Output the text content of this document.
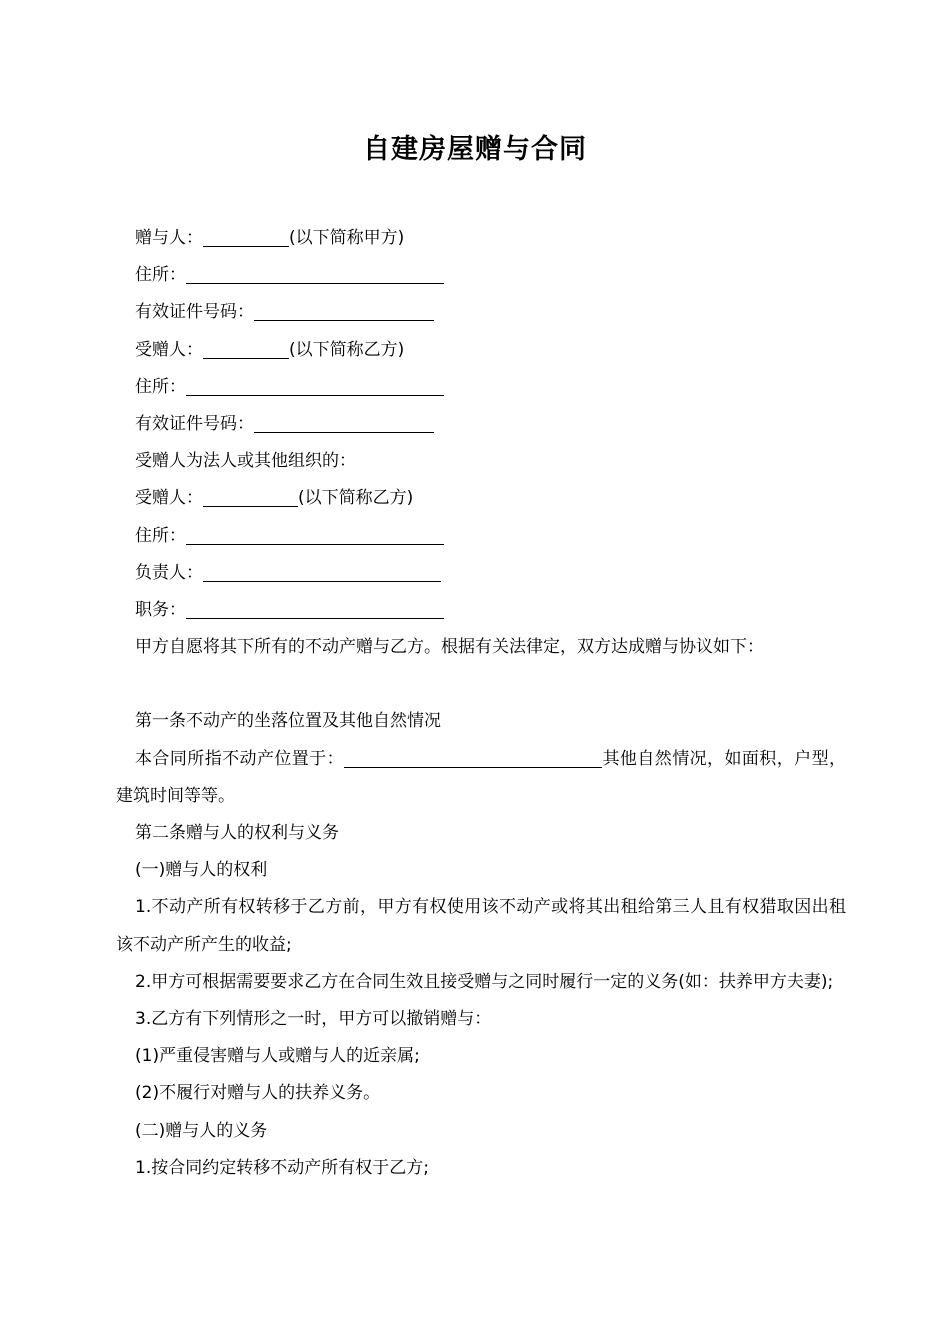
自建房屋赠与合同
赠与人：	(以下简称甲方)
住所：
有效证件号码：
受赠人：	(以下简称乙方)
住所：
有效证件号码：
受赠人为法人或其他组织的：
受赠人：	(以下简称乙方)
住所：
负责人：
职务：
甲方自愿将其下所有的不动产赠与乙方。根据有关法律定，双方达成赠与协议如下：
第一条不动产的坐落位置及其他自然情况
本合同所指不动产位置于：	其他自然情况，如面积，户型，建筑时间等等。
第二条赠与人的权利与义务
(一)赠与人的权利
1.不动产所有权转移于乙方前，甲方有权使用该不动产或将其出租给第三人且有权猎取因出租该不动产所产生的收益;
2.甲方可根据需要要求乙方在合同生效且接受赠与之同时履行一定的义务(如：扶养甲方夫妻);
3.乙方有下列情形之一时，甲方可以撤销赠与：
(1)严重侵害赠与人或赠与人的近亲属;
(2)不履行对赠与人的扶养义务。
(二)赠与人的义务
1.按合同约定转移不动产所有权于乙方;
